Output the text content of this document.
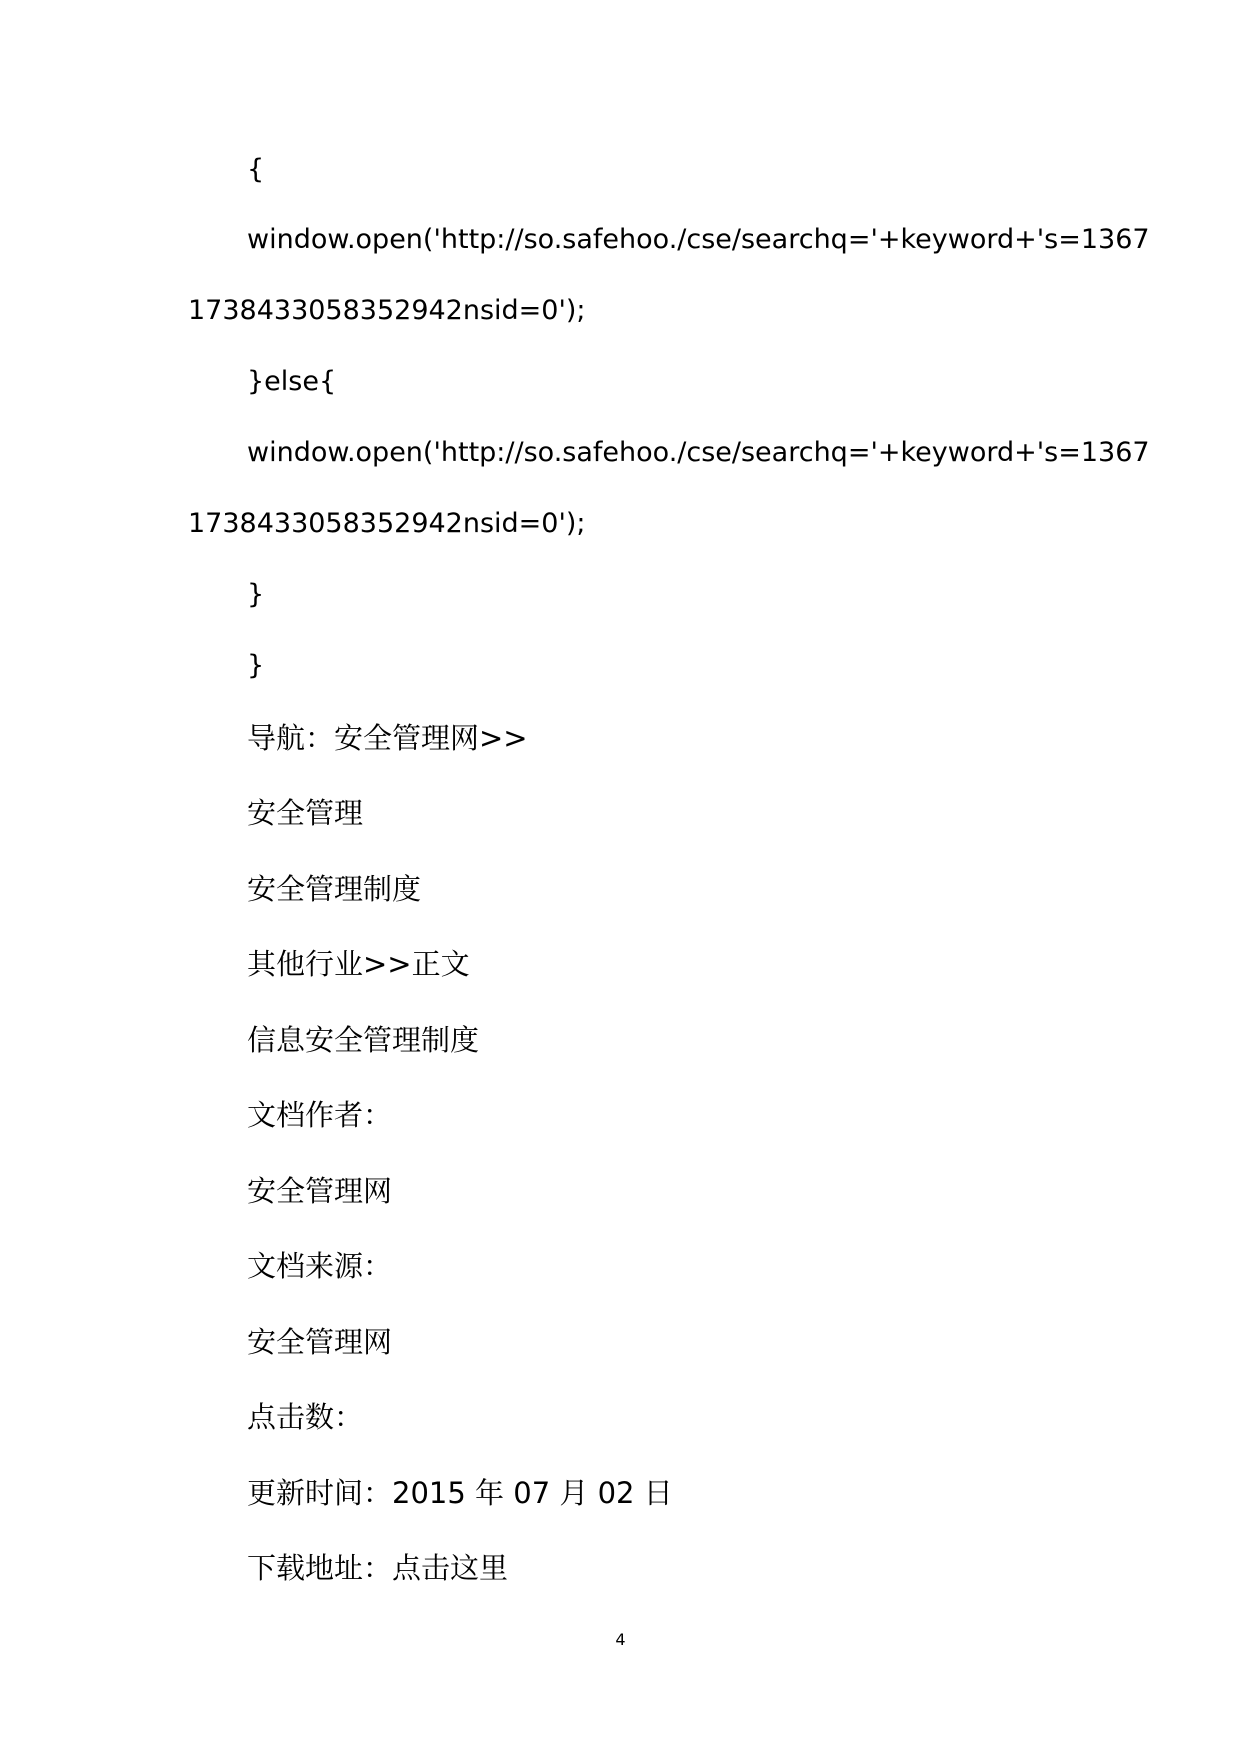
{
window.open('http://so.safehoo./cse/searchq='+keyword+'s=1367
1738433058352942nsid=0');
}else{
window.open('http://so.safehoo./cse/searchq='+keyword+'s=1367
1738433058352942nsid=0');
}
}
导航：安全管理网>>
安全管理
安全管理制度
其他行业>>正文
信息安全管理制度
文档作者：
安全管理网
文档来源：
安全管理网
点击数：
更新时间：2015 年 07 月 02 日
下载地址：点击这里
4
